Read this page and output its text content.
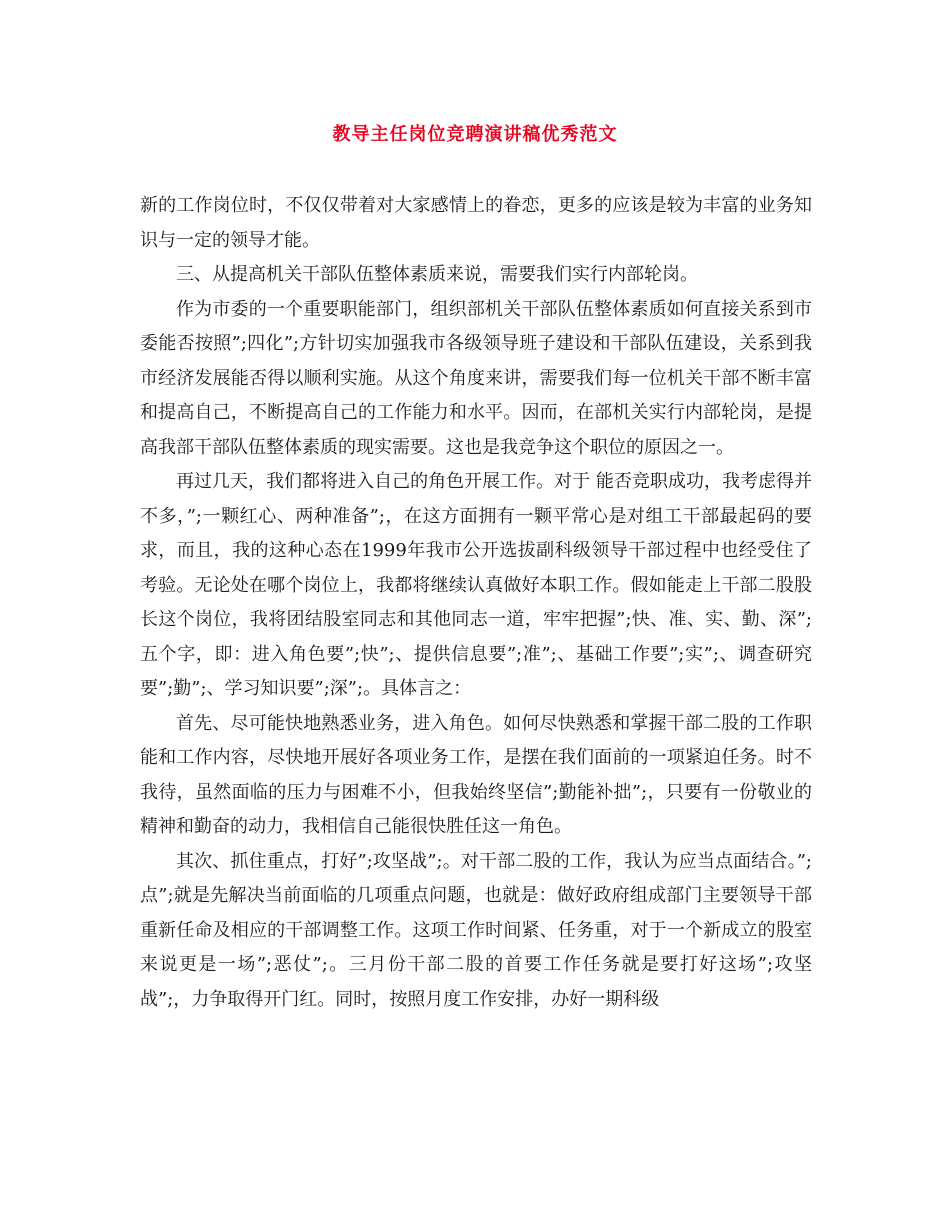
教导主任岗位竞聘演讲稿优秀范文

新的工作岗位时，不仅仅带着对大家感情上的眷恋，更多的应该是较为丰富的业务知识与一定的领导才能。

三、从提高机关干部队伍整体素质来说，需要我们实行内部轮岗。

作为市委的一个重要职能部门，组织部机关干部队伍整体素质如何直接关系到市委能否按照”;四化”;方针切实加强我市各级领导班子建设和干部队伍建设，关系到我市经济发展能否得以顺利实施。从这个角度来讲，需要我们每一位机关干部不断丰富和提高自己，不断提高自己的工作能力和水平。因而，在部机关实行内部轮岗，是提高我部干部队伍整体素质的现实需要。这也是我竞争这个职位的原因之一。

再过几天，我们都将进入自己的角色开展工作。对于 能否竞职成功，我考虑得并不多，”;一颗红心、两种准备”;，在这方面拥有一颗平常心是对组工干部最起码的要求，而且，我的这种心态在1999年我市公开选拔副科级领导干部过程中也经受住了考验。无论处在哪个岗位上，我都将继续认真做好本职工作。假如能走上干部二股股长这个岗位，我将团结股室同志和其他同志一道，牢牢把握”;快、准、实、勤、深”;五个字，即：进入角色要”;快”;、提供信息要”;准”;、基础工作要”;实”;、调查研究要”;勤”;、学习知识要”;深”;。具体言之：

首先、尽可能快地熟悉业务，进入角色。如何尽快熟悉和掌握干部二股的工作职能和工作内容，尽快地开展好各项业务工作，是摆在我们面前的一项紧迫任务。时不我待，虽然面临的压力与困难不小，但我始终坚信”;勤能补拙”;，只要有一份敬业的精神和勤奋的动力，我相信自己能很快胜任这一角色。

其次、抓住重点，打好”;攻坚战”;。对干部二股的工作，我认为应当点面结合。”;点”;就是先解决当前面临的几项重点问题，也就是：做好政府组成部门主要领导干部重新任命及相应的干部调整工作。这项工作时间紧、任务重，对于一个新成立的股室来说更是一场”;恶仗”;。三月份干部二股的首要工作任务就是要打好这场”;攻坚战”;，力争取得开门红。同时，按照月度工作安排，办好一期科级
